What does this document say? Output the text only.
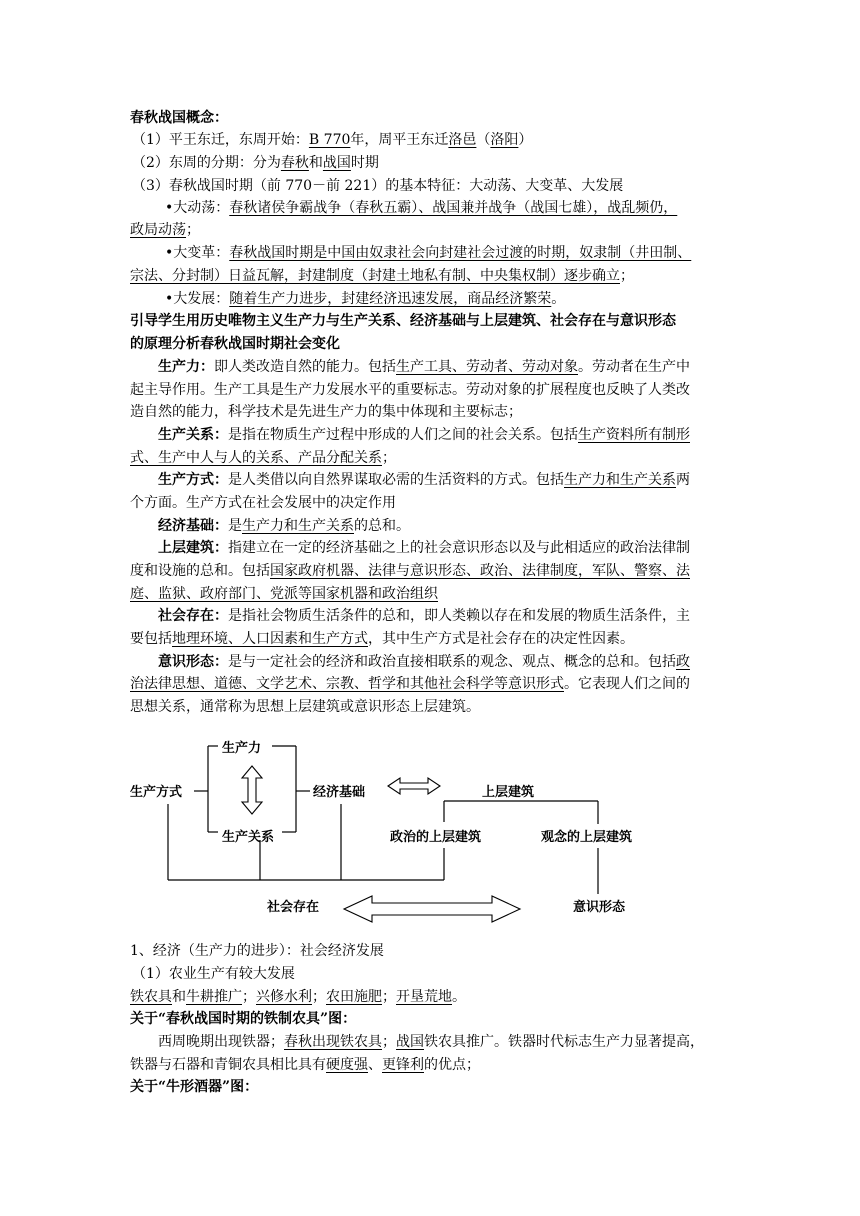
春秋战国概念：
（1）平王东迁，东周开始：B 770年，周平王东迁洛邑（洛阳）
（2）东周的分期：分为春秋和战国时期
（3）春秋战国时期（前 770－前 221）的基本特征：大动荡、大变革、大发展
•大动荡：春秋诸侯争霸战争（春秋五霸）、战国兼并战争（战国七雄），战乱频仍，
政局动荡；
•大变革：春秋战国时期是中国由奴隶社会向封建社会过渡的时期，奴隶制（井田制、
宗法、分封制）日益瓦解，封建制度（封建土地私有制、中央集权制）逐步确立；
•大发展：随着生产力进步，封建经济迅速发展，商品经济繁荣。
引导学生用历史唯物主义生产力与生产关系、经济基础与上层建筑、社会存在与意识形态
的原理分析春秋战国时期社会变化
生产力：即人类改造自然的能力。包括生产工具、劳动者、劳动对象。劳动者在生产中
起主导作用。生产工具是生产力发展水平的重要标志。劳动对象的扩展程度也反映了人类改
造自然的能力，科学技术是先进生产力的集中体现和主要标志；
生产关系：是指在物质生产过程中形成的人们之间的社会关系。包括生产资料所有制形
式、生产中人与人的关系、产品分配关系；
生产方式：是人类借以向自然界谋取必需的生活资料的方式。包括生产力和生产关系两
个方面。生产方式在社会发展中的决定作用
经济基础：是生产力和生产关系的总和。
上层建筑：指建立在一定的经济基础之上的社会意识形态以及与此相适应的政治法律制
度和设施的总和。包括国家政府机器、法律与意识形态、政治、法律制度，军队、警察、法
庭、监狱、政府部门、党派等国家机器和政治组织
社会存在：是指社会物质生活条件的总和，即人类赖以存在和发展的物质生活条件，主
要包括地理环境、人口因素和生产方式，其中生产方式是社会存在的决定性因素。
意识形态：是与一定社会的经济和政治直接相联系的观念、观点、概念的总和。包括政
治法律思想、道德、文学艺术、宗教、哲学和其他社会科学等意识形式。它表现人们之间的
思想关系，通常称为思想上层建筑或意识形态上层建筑。
生产力
生产方式	经济基础	上层建筑
生产关系	政治的上层建筑	观念的上层建筑
社会存在	意识形态
1、经济（生产力的进步）：社会经济发展
（1）农业生产有较大发展
铁农具和牛耕推广；兴修水利；农田施肥；开垦荒地。
关于“春秋战国时期的铁制农具”图：
西周晚期出现铁器；春秋出现铁农具；战国铁农具推广。铁器时代标志生产力显著提高，
铁器与石器和青铜农具相比具有硬度强、更锋利的优点；
关于“牛形酒器”图：
